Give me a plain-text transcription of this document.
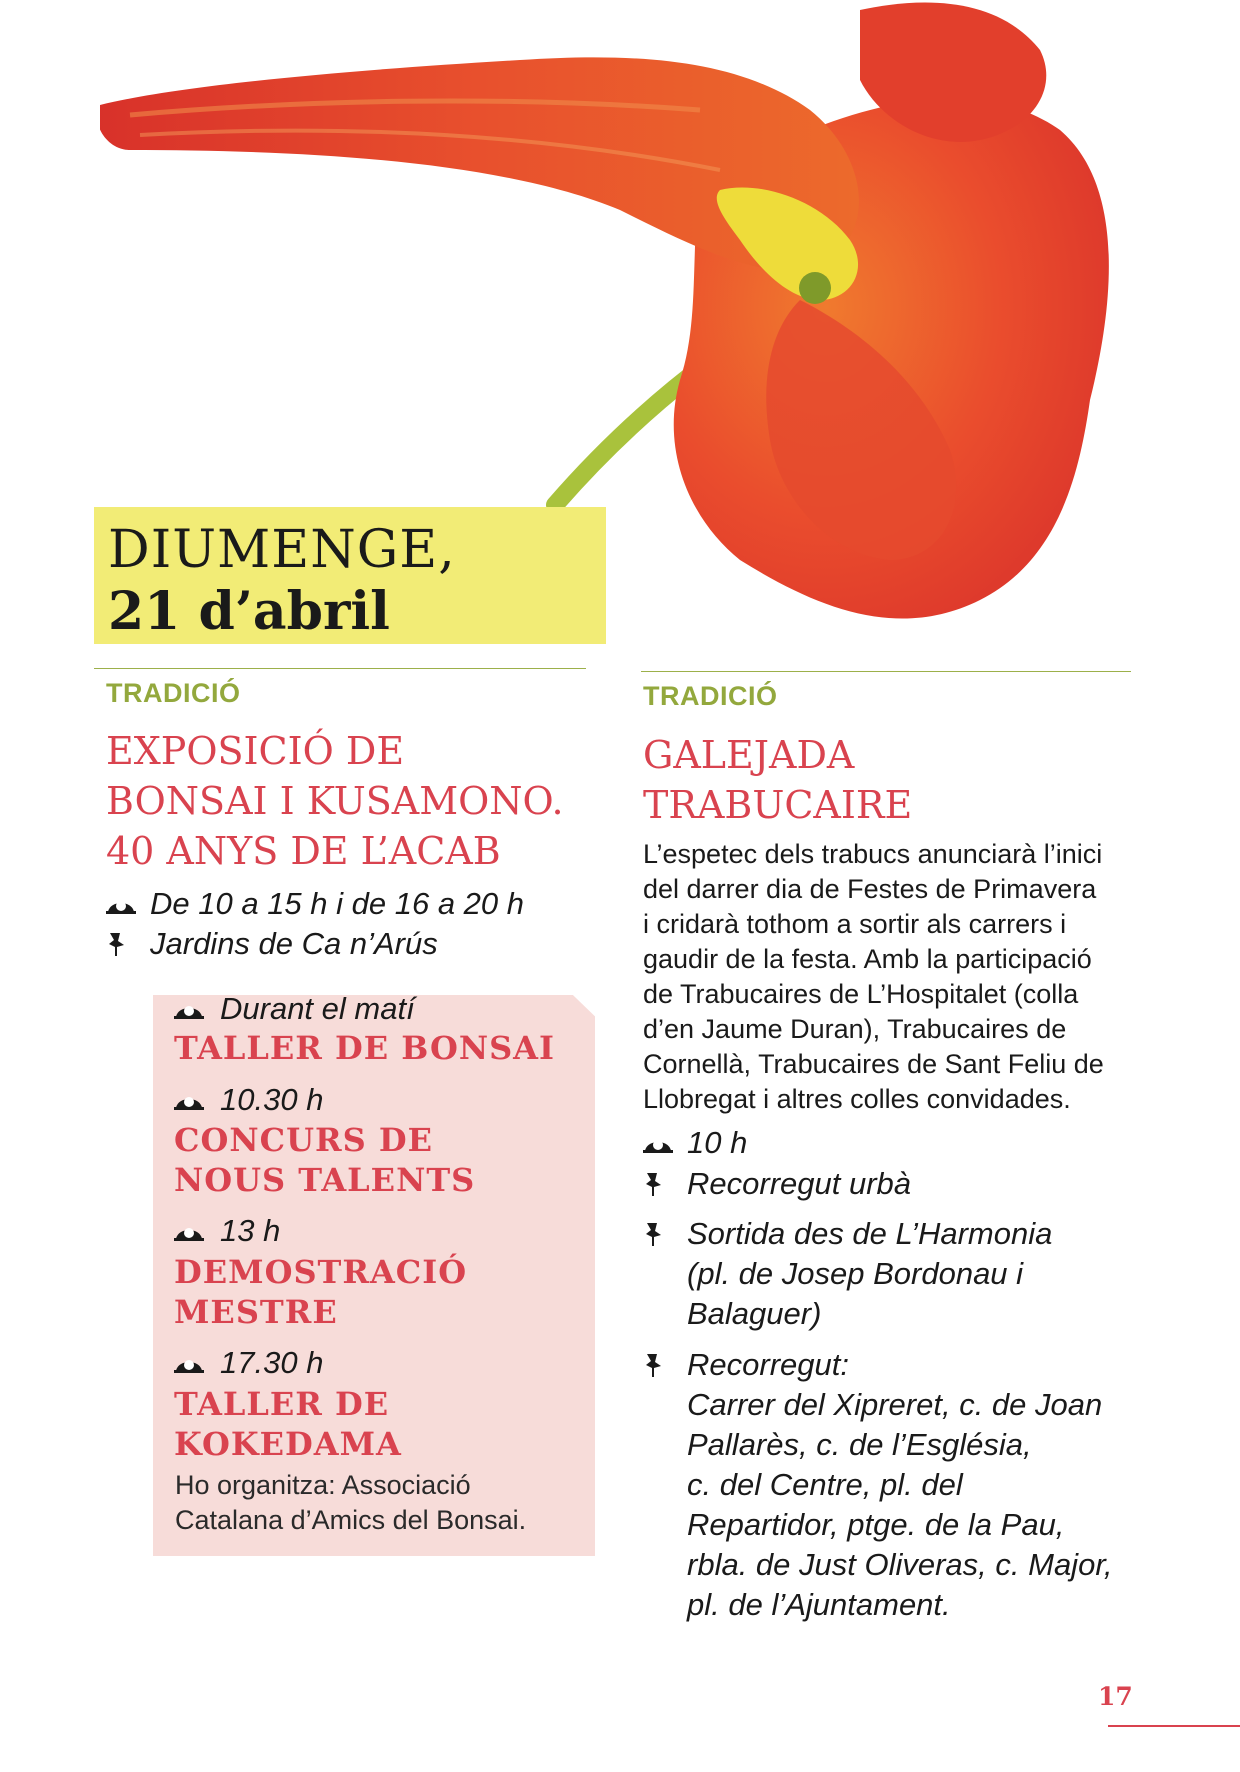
DIUMENGE,
21 d’abril
TRADICIÓ
EXPOSICIÓ DE
BONSAI I KUSAMONO.
40 ANYS DE L’ACAB
De 10 a 15 h i de 16 a 20 h
Jardins de Ca n’Arús
Durant el matí
TALLER DE BONSAI
10.30 h
CONCURS DE
NOUS TALENTS
13 h
DEMOSTRACIÓ
MESTRE
17.30 h
TALLER DE
KOKEDAMA
Ho organitza: Associació
Catalana d’Amics del Bonsai.
TRADICIÓ
GALEJADA
TRABUCAIRE
L’espetec dels trabucs anunciarà l’inici
del darrer dia de Festes de Primavera
i cridarà tothom a sortir als carrers i
gaudir de la festa. Amb la participació
de Trabucaires de L’Hospitalet (colla
d’en Jaume Duran), Trabucaires de
Cornellà, Trabucaires de Sant Feliu de
Llobregat i altres colles convidades.
10 h
Recorregut urbà
Sortida des de L’Harmonia
(pl. de Josep Bordonau i
Balaguer)
Recorregut:
Carrer del Xipreret, c. de Joan
Pallarès, c. de l’Església,
c. del Centre, pl. del
Repartidor, ptge. de la Pau,
rbla. de Just Oliveras, c. Major,
pl. de l’Ajuntament.
17
